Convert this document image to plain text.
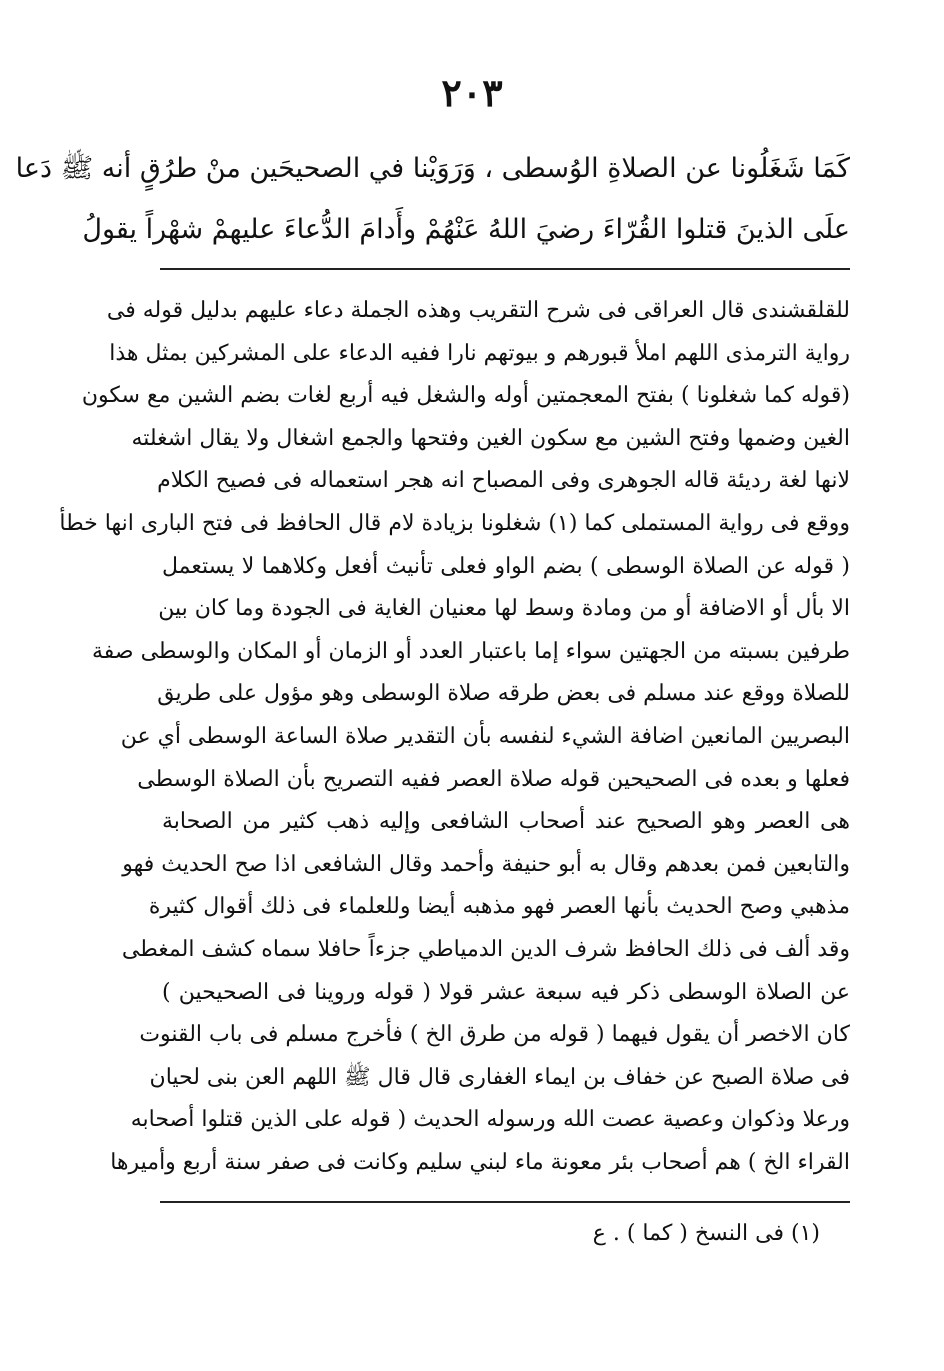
٢٠٣
كَمَا شَغَلُونا عن الصلاةِ الوُسطى ، وَرَوَيْنا في الصحيحَين منْ طرُقٍ أنه ﷺ دَعا
علَى الذينَ قتلوا القُرّاءَ رضيَ اللهُ عَنْهُمْ وأَدامَ الدُّعاءَ عليهمْ شهْراً يقولُ
للقلقشندى قال العراقى فى شرح التقريب وهذه الجملة دعاء عليهم بدليل قوله فى
رواية الترمذى اللهم املأ قبورهم و بيوتهم نارا ففيه الدعاء على المشركين بمثل هذا
(قوله كما شغلونا ) بفتح المعجمتين أوله والشغل فيه أربع لغات بضم الشين مع سكون
الغين وضمها وفتح الشين مع سكون الغين وفتحها والجمع اشغال ولا يقال اشغلته
لانها لغة رديئة قاله الجوهرى وفى المصباح انه هجر استعماله فى فصيح الكلام
ووقع فى رواية المستملى كما (١) شغلونا بزيادة لام قال الحافظ فى فتح البارى انها خطأ
( قوله عن الصلاة الوسطى ) بضم الواو فعلى تأنيث أفعل وكلاهما لا يستعمل
الا بأل أو الاضافة أو من ومادة وسط لها معنيان الغاية فى الجودة وما كان بين
طرفين بسبته من الجهتين سواء إما باعتبار العدد أو الزمان أو المكان والوسطى صفة
للصلاة ووقع عند مسلم فى بعض طرقه صلاة الوسطى وهو مؤول على طريق
البصريين المانعين اضافة الشيء لنفسه بأن التقدير صلاة الساعة الوسطى أي عن
فعلها و بعده فى الصحيحين قوله صلاة العصر ففيه التصريح بأن الصلاة الوسطى
هى العصر وهو الصحيح عند أصحاب الشافعى وإليه ذهب كثير من الصحابة
والتابعين فمن بعدهم وقال به أبو حنيفة وأحمد وقال الشافعى اذا صح الحديث فهو
مذهبي وصح الحديث بأنها العصر فهو مذهبه أيضا وللعلماء فى ذلك أقوال كثيرة
وقد ألف فى ذلك الحافظ شرف الدين الدمياطي جزءاً حافلا سماه كشف المغطى
عن الصلاة الوسطى ذكر فيه سبعة عشر قولا ( قوله وروينا فى الصحيحين )
كان الاخصر أن يقول فيهما ( قوله من طرق الخ ) فأخرج مسلم فى باب القنوت
فى صلاة الصبح عن خفاف بن ايماء الغفارى قال قال ﷺ اللهم العن بنى لحيان
ورعلا وذكوان وعصية عصت الله ورسوله الحديث ( قوله على الذين قتلوا أصحابه
القراء الخ ) هم أصحاب بئر معونة ماء لبني سليم وكانت فى صفر سنة أربع وأميرها
(١) فى النسخ ( كما ) . ع
